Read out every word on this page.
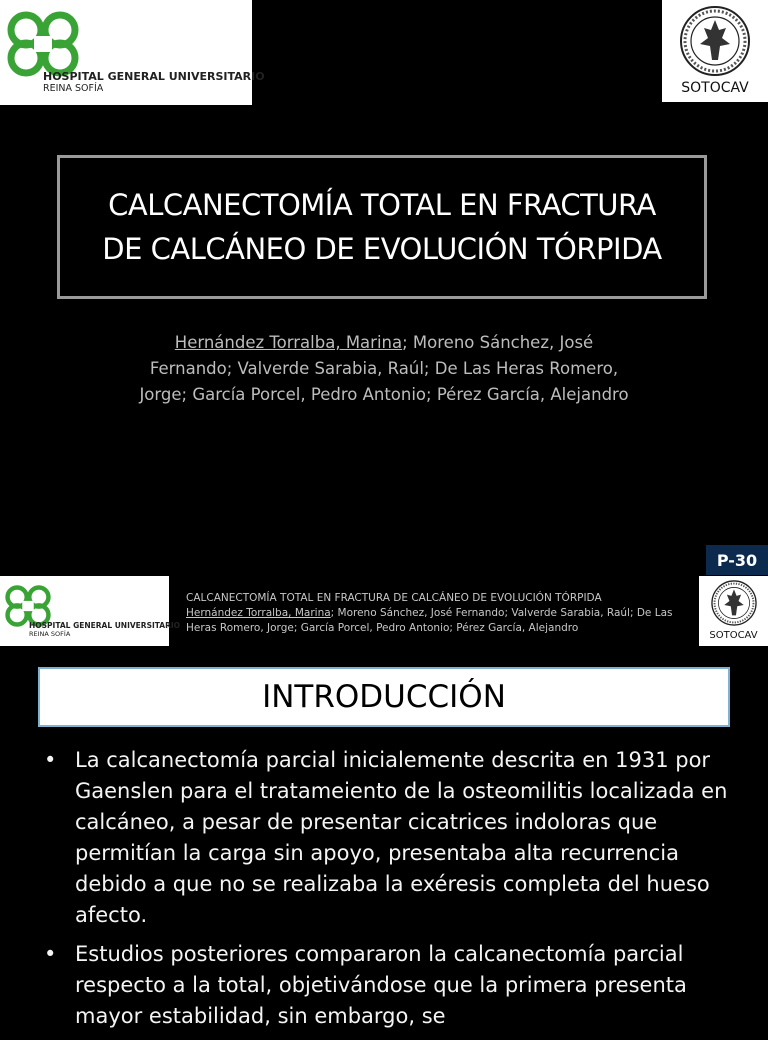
HOSPITAL GENERAL UNIVERSITARIO
REINA SOFÍA	SOTOCAV
CALCANECTOMÍA TOTAL EN FRACTURA
DE CALCÁNEO DE EVOLUCIÓN TÓRPIDA
Hernández Torralba, Marina; Moreno Sánchez, José
Fernando; Valverde Sarabia, Raúl; De Las Heras Romero,
Jorge; García Porcel, Pedro Antonio; Pérez García, Alejandro
P-30
HOSPITAL GENERAL UNIVERSITARIO
REINA SOFÍA	SOTOCAV
CALCANECTOMÍA TOTAL EN FRACTURA DE CALCÁNEO DE EVOLUCIÓN TÓRPIDA
Hernández Torralba, Marina; Moreno Sánchez, José Fernando; Valverde Sarabia, Raúl; De Las Heras Romero, Jorge; García Porcel, Pedro Antonio; Pérez García, Alejandro
INTRODUCCIÓN
• La calcanectomía parcial inicialemente descrita en 1931 por Gaenslen para el tratameiento de la osteomilitis localizada en calcáneo, a pesar de presentar cicatrices indoloras que permitían la carga sin apoyo, presentaba alta recurrencia debido a que no se realizaba la exéresis completa del hueso afecto.
• Estudios posteriores compararon la calcanectomía parcial respecto a la total, objetivándose que la primera presenta mayor estabilidad, sin embargo, se
